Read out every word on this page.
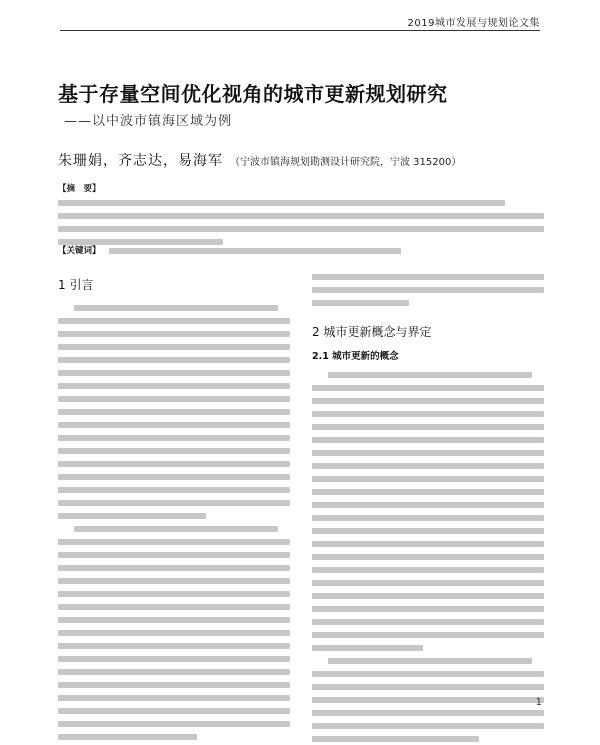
2019城市发展与规划论文集
基于存量空间优化视角的城市更新规划研究
——以中波市镇海区域为例
朱珊娟，齐志达，易海军 （宁波市镇海规划勘测设计研究院，宁波 315200）
【摘　要】
【关键词】
1 引言
2 城市更新概念与界定
2.1 城市更新的概念
1
